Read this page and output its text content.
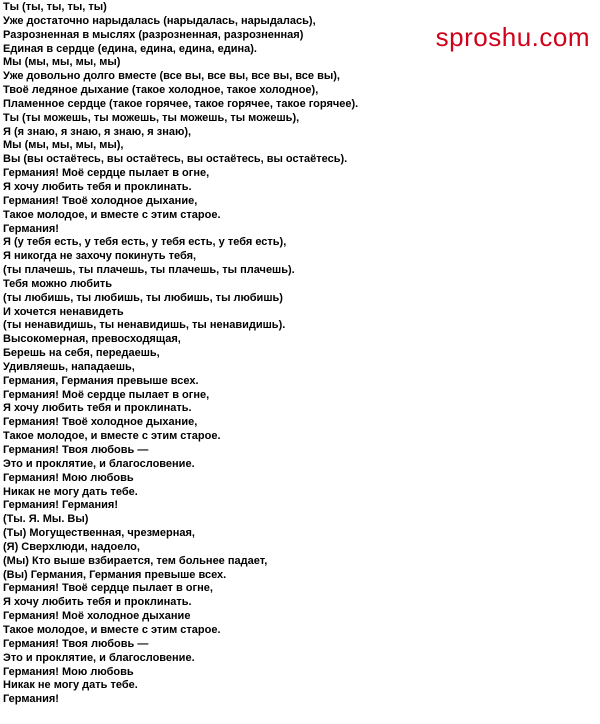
Ты (ты, ты, ты, ты)
Уже достаточно нарыдалась (нарыдалась, нарыдалась),
Разрозненная в мыслях (разрозненная, разрозненная)
Единая в сердце (едина, едина, едина, едина).
Мы (мы, мы, мы, мы)
Уже довольно долго вместе (все вы, все вы, все вы, все вы),
Твоё ледяное дыхание (такое холодное, такое холодное),
Пламенное сердце (такое горячее, такое горячее, такое горячее).
Ты (ты можешь, ты можешь, ты можешь, ты можешь),
Я (я знаю, я знаю, я знаю, я знаю),
Мы (мы, мы, мы, мы),
Вы (вы остаётесь, вы остаётесь, вы остаётесь, вы остаётесь).
Германия! Моё сердце пылает в огне,
Я хочу любить тебя и проклинать.
Германия! Твоё холодное дыхание,
Такое молодое, и вместе с этим старое.
Германия!
Я (у тебя есть, у тебя есть, у тебя есть, у тебя есть),
Я никогда не захочу покинуть тебя,
(ты плачешь, ты плачешь, ты плачешь, ты плачешь).
Тебя можно любить
(ты любишь, ты любишь, ты любишь, ты любишь)
И хочется ненавидеть
(ты ненавидишь, ты ненавидишь, ты ненавидишь).
Высокомерная, превосходящая,
Берешь на себя, передаешь,
Удивляешь, нападаешь,
Германия, Германия превыше всех.
Германия! Моё сердце пылает в огне,
Я хочу любить тебя и проклинать.
Германия! Твоё холодное дыхание,
Такое молодое, и вместе с этим старое.
Германия! Твоя любовь —
Это и проклятие, и благословение.
Германия! Мою любовь
Никак не могу дать тебе.
Германия! Германия!
(Ты. Я. Мы. Вы)
(Ты) Могущественная, чрезмерная,
(Я) Сверхлюди, надоело,
(Мы) Кто выше взбирается, тем больнее падает,
(Вы) Германия, Германия превыше всех.
Германия! Твоё сердце пылает в огне,
Я хочу любить тебя и проклинать.
Германия! Моё холодное дыхание
Такое молодое, и вместе с этим старое.
Германия! Твоя любовь —
Это и проклятие, и благословение.
Германия! Мою любовь
Никак не могу дать тебе.
Германия!
sproshu.com
